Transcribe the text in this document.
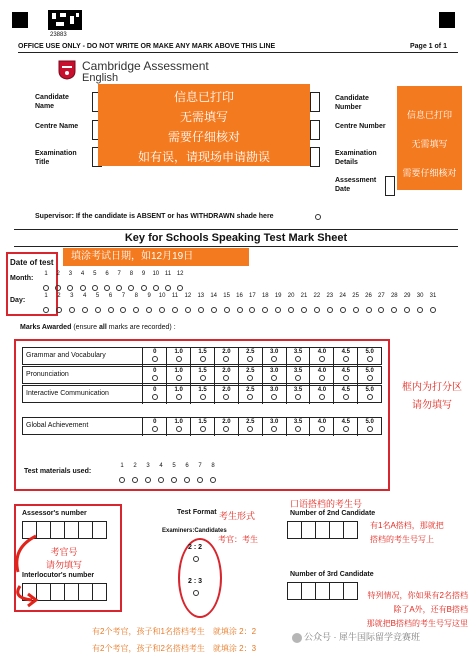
23883
OFFICE USE ONLY - DO NOT WRITE OR MAKE ANY MARK ABOVE THIS LINE	Page 1 of 1
Cambridge Assessment
English
Candidate Name
Centre Name
Examination Title
信息已打印
无需填写
需要仔细核对
如有误，请现场申请勘误
Candidate Number
Centre Number
Examination Details
Assessment Date
信息已打印
无需填写
需要仔细核对
Supervisor: If the candidate is ABSENT or has WITHDRAWN shade here
Key for Schools Speaking Test Mark Sheet
Date of test
填涂考试日期，如12月19日
Month:
Day:
1	2	3	4	5	6	7	8	9	10 11 12
1	2	3	4	5	6	7	8	9	10	11	12	13	14	15	16	17	18	19	20	21	22	23	24	25	26	27	28	29	30	31
Marks Awarded (ensure all marks are recorded) :
Grammar and Vocabulary	0	1.0	1.5	2.0	2.5	3.0	3.5	4.0	4.5	5.0
Pronunciation	0	1.0	1.5	2.0	2.5	3.0	3.5	4.0	4.5	5.0
Interactive Communication	0	1.0	1.5	2.0	2.5	3.0	3.5	4.0	4.5	5.0
Global Achievement	0	1.0	1.5	2.0	2.5	3.0	3.5	4.0	4.5	5.0
Test materials used:
1	2	3	4	5	6	7	8
框内为打分区
请勿填写
Assessor's number
考官号
请勿填写
Interlocutor's number
Test Format 考生形式
Examiners:Candidates
考官：考生
2 : 2
2 : 3
口语搭档的考生号
Number of 2nd Candidate
有1名A搭档，那就把
搭档的考生号写上
Number of 3rd Candidate
特列情况，你如果有2名搭档
除了A外，还有B搭档
那就把B搭档的考生号写这里
有2个考官，孩子和1名搭档考生　就填涂 2：2
有2个考官，孩子和2名搭档考生　就填涂 2：3
公众号 · 犀牛国际留学竞赛班
